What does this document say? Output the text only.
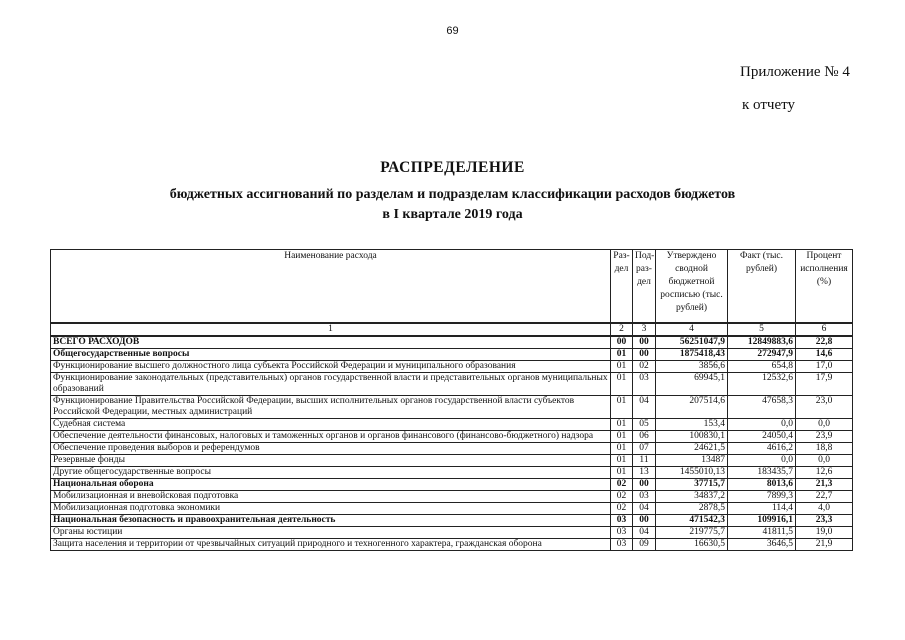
69
Приложение № 4
к отчету
РАСПРЕДЕЛЕНИЕ
бюджетных ассигнований по разделам и подразделам классификации расходов бюджетов
в I квартале 2019 года
Наименование расхода	Раз-дел	Под-раз-дел	Утверждено сводной бюджетной росписью (тыс. рублей)	Факт (тыс. рублей)	Процент исполнения (%)
1	2	3	4	5	6
ВСЕГО РАСХОДОВ	00	00	56251047,9	12849883,6	22,8
Общегосударственные вопросы	01	00	1875418,43	272947,9	14,6
Функционирование высшего должностного лица субъекта Российской Федерации и муниципального образования	01	02	3856,6	654,8	17,0
Функционирование законодательных (представительных) органов государственной власти и представительных органов муниципальных образований	01	03	69945,1	12532,6	17,9
Функционирование Правительства Российской Федерации, высших исполнительных органов государственной власти субъектов Российской Федерации, местных администраций	01	04	207514,6	47658,3	23,0
Судебная система	01	05	153,4	0,0	0,0
Обеспечение деятельности финансовых, налоговых и таможенных органов и органов финансового (финансово-бюджетного) надзора	01	06	100830,1	24050,4	23,9
Обеспечение проведения выборов и референдумов	01	07	24621,5	4616,2	18,8
Резервные фонды	01	11	13487	0,0	0,0
Другие общегосударственные вопросы	01	13	1455010,13	183435,7	12,6
Национальная оборона	02	00	37715,7	8013,6	21,3
Мобилизационная и вневойсковая подготовка	02	03	34837,2	7899,3	22,7
Мобилизационная подготовка экономики	02	04	2878,5	114,4	4,0
Национальная безопасность и правоохранительная деятельность	03	00	471542,3	109916,1	23,3
Органы юстиции	03	04	219775,7	41811,5	19,0
Защита населения и территории от чрезвычайных ситуаций природного и техногенного характера, гражданская оборона	03	09	16630,5	3646,5	21,9
